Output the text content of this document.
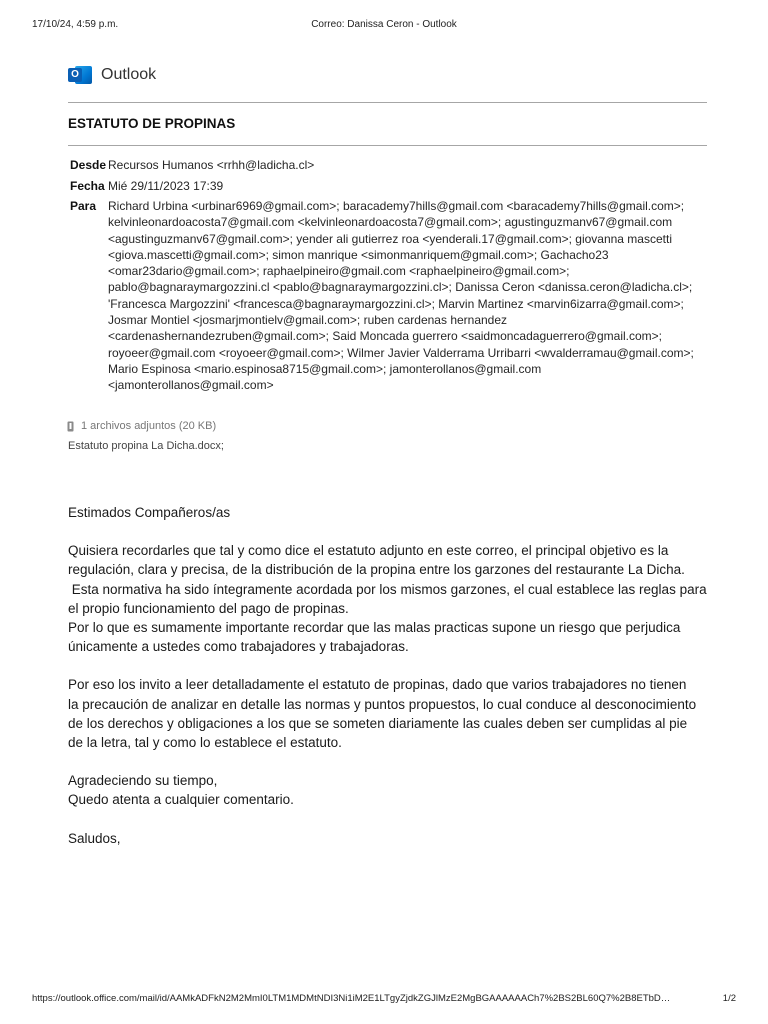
17/10/24, 4:59 p.m.	Correo: Danissa Ceron - Outlook
O Outlook
ESTATUTO DE PROPINAS
Desde Recursos Humanos <rrhh@ladicha.cl>
Fecha Mié 29/11/2023 17:39
Para Richard Urbina <urbinar6969@gmail.com>; baracademy7hills@gmail.com <baracademy7hills@gmail.com>;
kelvinleonardoacosta7@gmail.com <kelvinleonardoacosta7@gmail.com>; agustinguzmanv67@gmail.com
<agustinguzmanv67@gmail.com>; yender ali gutierrez roa <yenderali.17@gmail.com>; giovanna mascetti
<giova.mascetti@gmail.com>; simon manrique <simonmanriquem@gmail.com>; Gachacho23
<omar23dario@gmail.com>; raphaelpineiro@gmail.com <raphaelpineiro@gmail.com>;
pablo@bagnaraymargozzini.cl <pablo@bagnaraymargozzini.cl>; Danissa Ceron <danissa.ceron@ladicha.cl>;
'Francesca Margozzini' <francesca@bagnaraymargozzini.cl>; Marvin Martinez <marvin6izarra@gmail.com>;
Josmar Montiel <josmarjmontielv@gmail.com>; ruben cardenas hernandez
<cardenashernandezruben@gmail.com>; Said Moncada guerrero <saidmoncadaguerrero@gmail.com>;
royoeer@gmail.com <royoeer@gmail.com>; Wilmer Javier Valderrama Urribarri <wvalderramau@gmail.com>;
Mario Espinosa <mario.espinosa8715@gmail.com>; jamonterollanos@gmail.com
<jamonterollanos@gmail.com>
1 archivos adjuntos (20 KB)
Estatuto propina La Dicha.docx;

Estimados Compañeros/as

Quisiera recordarles que tal y como dice el estatuto adjunto en este correo, el principal objetivo es la
regulación, clara y precisa, de la distribución de la propina entre los garzones del restaurante La Dicha.
Esta normativa ha sido íntegramente acordada por los mismos garzones, el cual establece las reglas para
el propio funcionamiento del pago de propinas.
Por lo que es sumamente importante recordar que las malas practicas supone un riesgo que perjudica
únicamente a ustedes como trabajadores y trabajadoras.

Por eso los invito a leer detalladamente el estatuto de propinas, dado que varios trabajadores no tienen
la precaución de analizar en detalle las normas y puntos propuestos, lo cual conduce al desconocimiento
de los derechos y obligaciones a los que se someten diariamente las cuales deben ser cumplidas al pie
de la letra, tal y como lo establece el estatuto.

Agradeciendo su tiempo,
Quedo atenta a cualquier comentario.

Saludos,

https://outlook.office.com/mail/id/AAMkADFkN2M2MmI0LTM1MDMtNDI3Ni1iM2E1LTgyZjdkZGJlMzE2MgBGAAAAAACh7%2BS2BL60Q7%2B8ETbD…	1/2
